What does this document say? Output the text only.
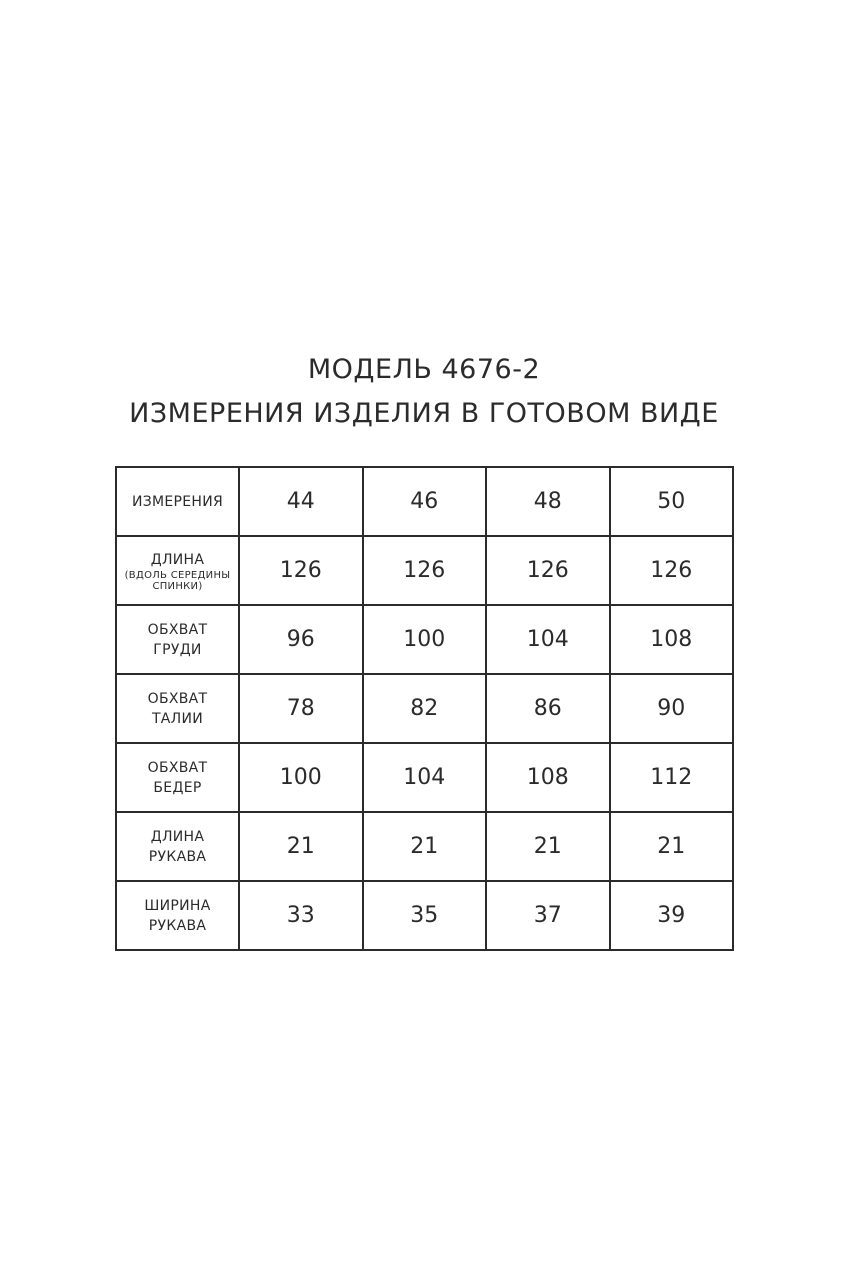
МОДЕЛЬ 4676-2
ИЗМЕРЕНИЯ ИЗДЕЛИЯ В ГОТОВОМ ВИДЕ
ИЗМЕРЕНИЯ	44	46	48	50

ДЛИНА
(ВДОЛЬ СЕРЕДИНЫ
СПИНКИ)	126	126	126	126

ОБХВАТ
ГРУДИ	96	100	104	108

ОБХВАТ
ТАЛИИ	78	82	86	90

ОБХВАТ
БЕДЕР	100	104	108	112

ДЛИНА
РУКАВА	21	21	21	21

ШИРИНА
РУКАВА	33	35	37	39
